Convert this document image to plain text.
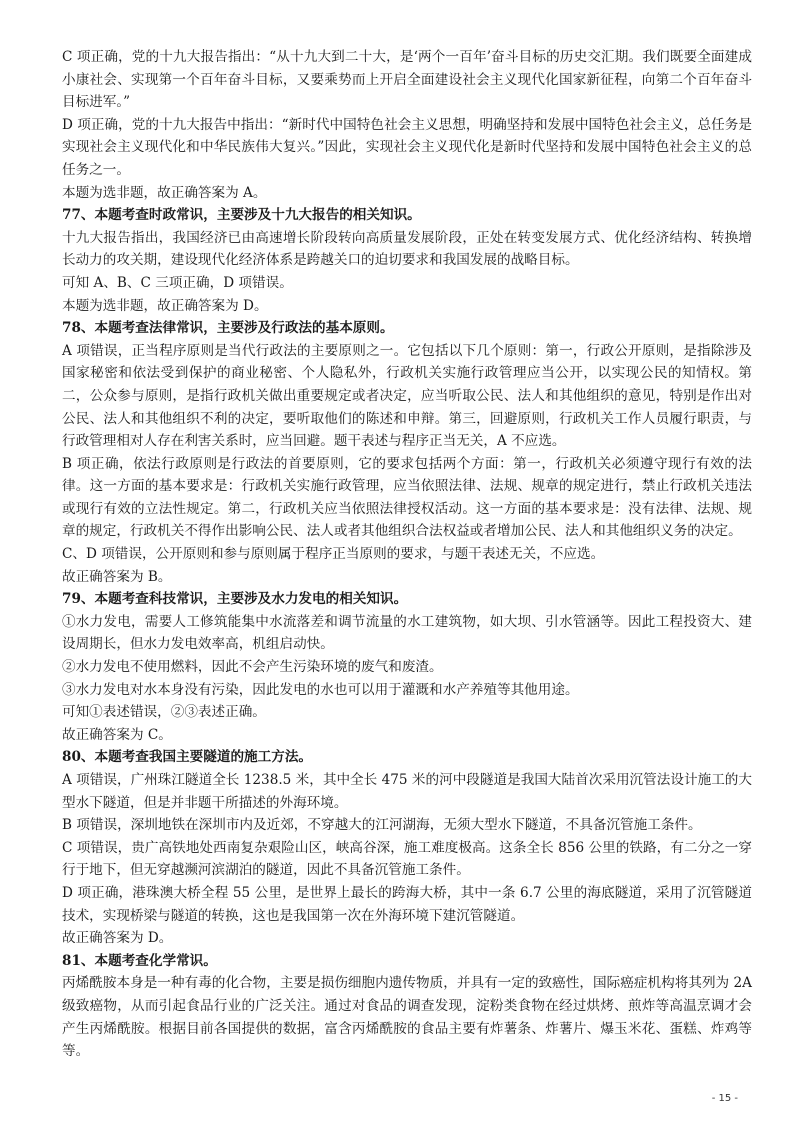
C 项正确，党的十九大报告指出：“从十九大到二十大，是‘两个一百年’奋斗目标的历史交汇期。我们既要全面建成小康社会、实现第一个百年奋斗目标，又要乘势而上开启全面建设社会主义现代化国家新征程，向第二个百年奋斗目标进军。”

D 项正确，党的十九大报告中指出：“新时代中国特色社会主义思想，明确坚持和发展中国特色社会主义，总任务是实现社会主义现代化和中华民族伟大复兴。”因此，实现社会主义现代化是新时代坚持和发展中国特色社会主义的总任务之一。

本题为选非题，故正确答案为 A。

77、本题考查时政常识，主要涉及十九大报告的相关知识。

十九大报告指出，我国经济已由高速增长阶段转向高质量发展阶段，正处在转变发展方式、优化经济结构、转换增长动力的攻关期，建设现代化经济体系是跨越关口的迫切要求和我国发展的战略目标。

可知 A、B、C 三项正确，D 项错误。

本题为选非题，故正确答案为 D。

78、本题考查法律常识，主要涉及行政法的基本原则。

A 项错误，正当程序原则是当代行政法的主要原则之一。它包括以下几个原则：第一，行政公开原则，是指除涉及国家秘密和依法受到保护的商业秘密、个人隐私外，行政机关实施行政管理应当公开，以实现公民的知情权。第二，公众参与原则，是指行政机关做出重要规定或者决定，应当听取公民、法人和其他组织的意见，特别是作出对公民、法人和其他组织不利的决定，要听取他们的陈述和申辩。第三，回避原则，行政机关工作人员履行职责，与行政管理相对人存在利害关系时，应当回避。题干表述与程序正当无关，A 不应选。

B 项正确，依法行政原则是行政法的首要原则，它的要求包括两个方面：第一，行政机关必须遵守现行有效的法律。这一方面的基本要求是：行政机关实施行政管理，应当依照法律、法规、规章的规定进行，禁止行政机关违法或现行有效的立法性规定。第二，行政机关应当依照法律授权活动。这一方面的基本要求是：没有法律、法规、规章的规定，行政机关不得作出影响公民、法人或者其他组织合法权益或者增加公民、法人和其他组织义务的决定。

C、D 项错误，公开原则和参与原则属于程序正当原则的要求，与题干表述无关，不应选。

故正确答案为 B。

79、本题考查科技常识，主要涉及水力发电的相关知识。

①水力发电，需要人工修筑能集中水流落差和调节流量的水工建筑物，如大坝、引水管涵等。因此工程投资大、建设周期长，但水力发电效率高，机组启动快。

②水力发电不使用燃料，因此不会产生污染环境的废气和废渣。

③水力发电对水本身没有污染，因此发电的水也可以用于灌溉和水产养殖等其他用途。

可知①表述错误，②③表述正确。

故正确答案为 C。

80、本题考查我国主要隧道的施工方法。

A 项错误，广州珠江隧道全长 1238.5 米，其中全长 475 米的河中段隧道是我国大陆首次采用沉管法设计施工的大型水下隧道，但是并非题干所描述的外海环境。

B 项错误，深圳地铁在深圳市内及近郊，不穿越大的江河湖海，无须大型水下隧道，不具备沉管施工条件。

C 项错误，贵广高铁地处西南复杂艰险山区，峡高谷深，施工难度极高。这条全长 856 公里的铁路，有二分之一穿行于地下，但无穿越濒河滨湖泊的隧道，因此不具备沉管施工条件。

D 项正确，港珠澳大桥全程 55 公里，是世界上最长的跨海大桥，其中一条 6.7 公里的海底隧道，采用了沉管隧道技术，实现桥梁与隧道的转换，这也是我国第一次在外海环境下建沉管隧道。

故正确答案为 D。

81、本题考查化学常识。

丙烯酰胺本身是一种有毒的化合物，主要是损伤细胞内遗传物质，并具有一定的致癌性，国际癌症机构将其列为 2A 级致癌物，从而引起食品行业的广泛关注。通过对食品的调查发现，淀粉类食物在经过烘烤、煎炸等高温烹调才会产生丙烯酰胺。根据目前各国提供的数据，富含丙烯酰胺的食品主要有炸薯条、炸薯片、爆玉米花、蛋糕、炸鸡等等。

- 15 -
